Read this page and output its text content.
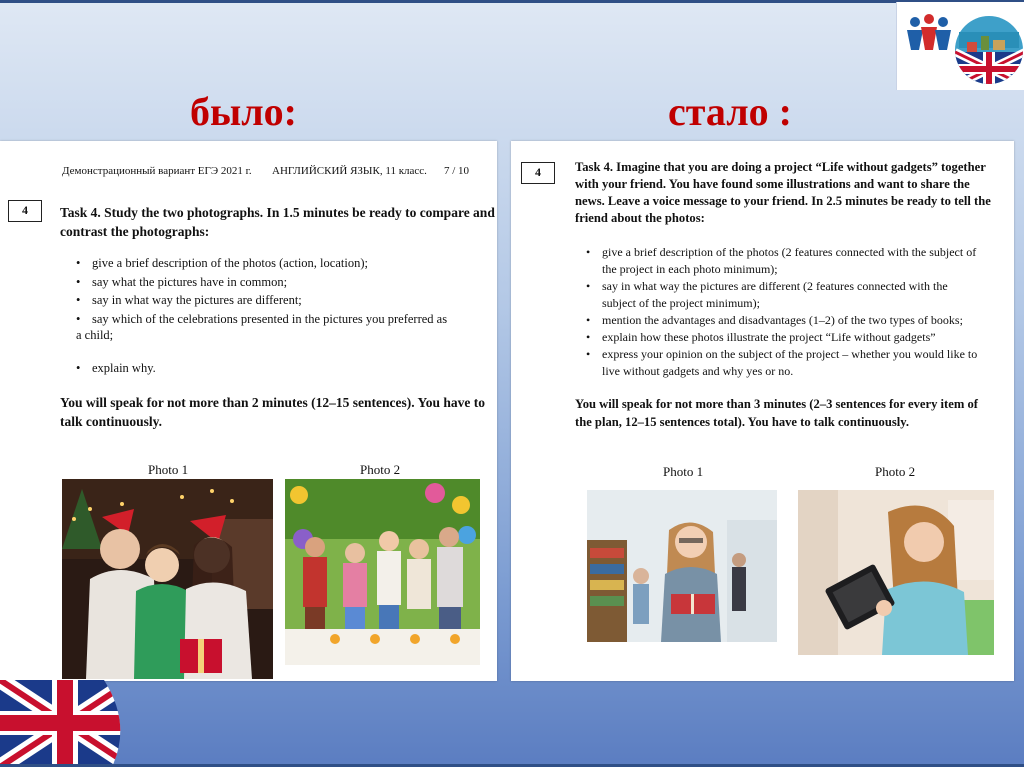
было:	стало :
Демонстрационный вариант ЕГЭ 2021 г. АНГЛИЙСКИЙ ЯЗЫК, 11 класс. 7 / 10
4	Task 4. Study the two photographs. In 1.5 minutes be ready to compare and
contrast the photographs:
• give a brief description of the photos (action, location);
• say what the pictures have in common;
• say in what way the pictures are different;
• say which of the celebrations presented in the pictures you preferred as
a child;
• explain why.
You will speak for not more than 2 minutes (12–15 sentences). You have to
talk continuously.
Photo 1	Photo 2
4	Task 4. Imagine that you are doing a project “Life without gadgets” together
with your friend. You have found some illustrations and want to share the
news. Leave a voice message to your friend. In 2.5 minutes be ready to tell the
friend about the photos:
• give a brief description of the photos (2 features connected with the subject of
the project in each photo minimum);
• say in what way the pictures are different (2 features connected with the
subject of the project minimum);
• mention the advantages and disadvantages (1–2) of the two types of books;
• explain how these photos illustrate the project “Life without gadgets”
• express your opinion on the subject of the project – whether you would like to
live without gadgets and why yes or no.
You will speak for not more than 3 minutes (2–3 sentences for every item of
the plan, 12–15 sentences total). You have to talk continuously.
Photo 1	Photo 2
